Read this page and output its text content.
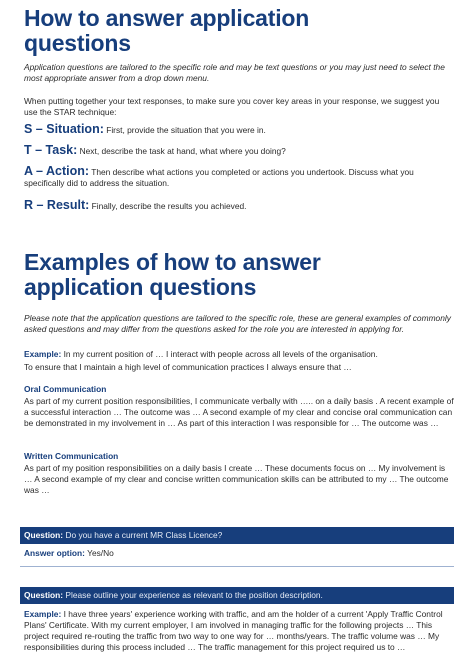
How to answer application
questions
Application questions are tailored to the specific role and may be text questions or you may just need to select the most appropriate answer from a drop down menu.
When putting together your text responses, to make sure you cover key areas in your response, we suggest you use the STAR technique:
S – Situation: First, provide the situation that you were in.
T – Task: Next, describe the task at hand, what where you doing?
A – Action: Then describe what actions you completed or actions you undertook. Discuss what you specifically did to address the situation.
R – Result: Finally, describe the results you achieved.
Examples of how to answer
application questions
Please note that the application questions are tailored to the specific role, these are general examples of commonly asked questions and may differ from the questions asked for the role you are interested in applying for.
Example: In my current position of … I interact with people across all levels of the organisation.
To ensure that I maintain a high level of communication practices I always ensure that …
Oral Communication
As part of my current position responsibilities, I communicate verbally with ….. on a daily basis . A recent example of a successful interaction … The outcome was … A second example of my clear and concise oral communication can be demonstrated in my involvement in … As part of this interaction I was responsible for … The outcome was …
Written Communication
As part of my position responsibilities on a daily basis I create … These documents focus on … My involvement is … A second example of my clear and concise written communication skills can be attributed to my … The outcome was …
Question: Do you have a current MR Class Licence?
Answer option: Yes/No
Question: Please outline your experience as relevant to the position description.
Example: I have three years' experience working with traffic, and am the holder of a current 'Apply Traffic Control Plans' Certificate. With my current employer, I am involved in managing traffic for the following projects … This project required re-routing the traffic from two way to one way for … months/years. The traffic volume was … My responsibilities during this process included … The traffic management for this project required us to …
